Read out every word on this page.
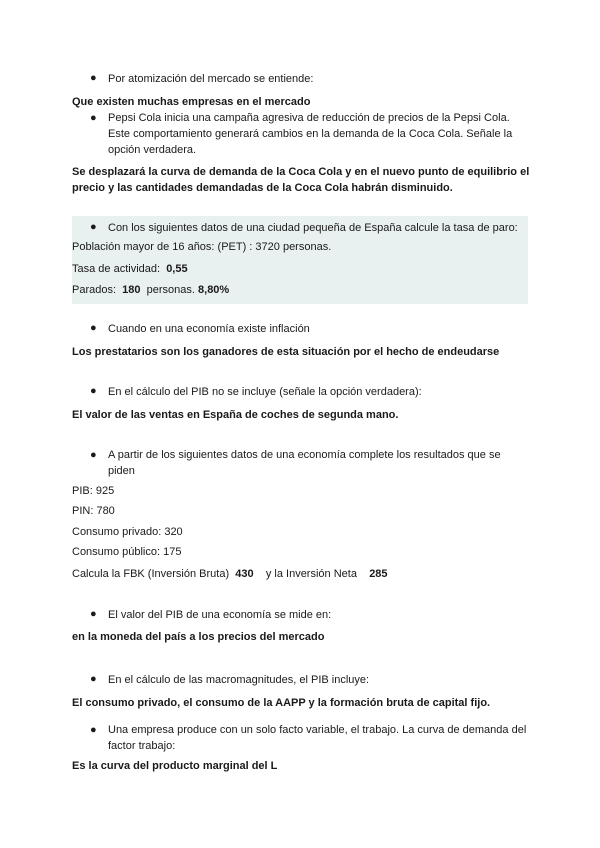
● Por atomización del mercado se entiende:
Que existen muchas empresas en el mercado
● Pepsi Cola inicia una campaña agresiva de reducción de precios de la Pepsi Cola. Este comportamiento generará cambios en la demanda de la Coca Cola. Señale la opción verdadera.
Se desplazará la curva de demanda de la Coca Cola y en el nuevo punto de equilibrio el precio y las cantidades demandadas de la Coca Cola habrán disminuido.
● Con los siguientes datos de una ciudad pequeña de España calcule la tasa de paro:
Población mayor de 16 años: (PET) : 3720 personas.
Tasa de actividad: 0,55
Parados: 180 personas. 8,80%
● Cuando en una economía existe inflación
Los prestatarios son los ganadores de esta situación por el hecho de endeudarse
● En el cálculo del PIB no se incluye (señale la opción verdadera):
El valor de las ventas en España de coches de segunda mano.
● A partir de los siguientes datos de una economía complete los resultados que se piden
PIB: 925
PIN: 780
Consumo privado: 320
Consumo público: 175
Calcula la FBK (Inversión Bruta) 430 y la Inversión Neta 285
● El valor del PIB de una economía se mide en:
en la moneda del país a los precios del mercado
● En el cálculo de las macromagnitudes, el PIB incluye:
El consumo privado, el consumo de la AAPP y la formación bruta de capital fijo.
● Una empresa produce con un solo facto variable, el trabajo. La curva de demanda del factor trabajo:
Es la curva del producto marginal del L
